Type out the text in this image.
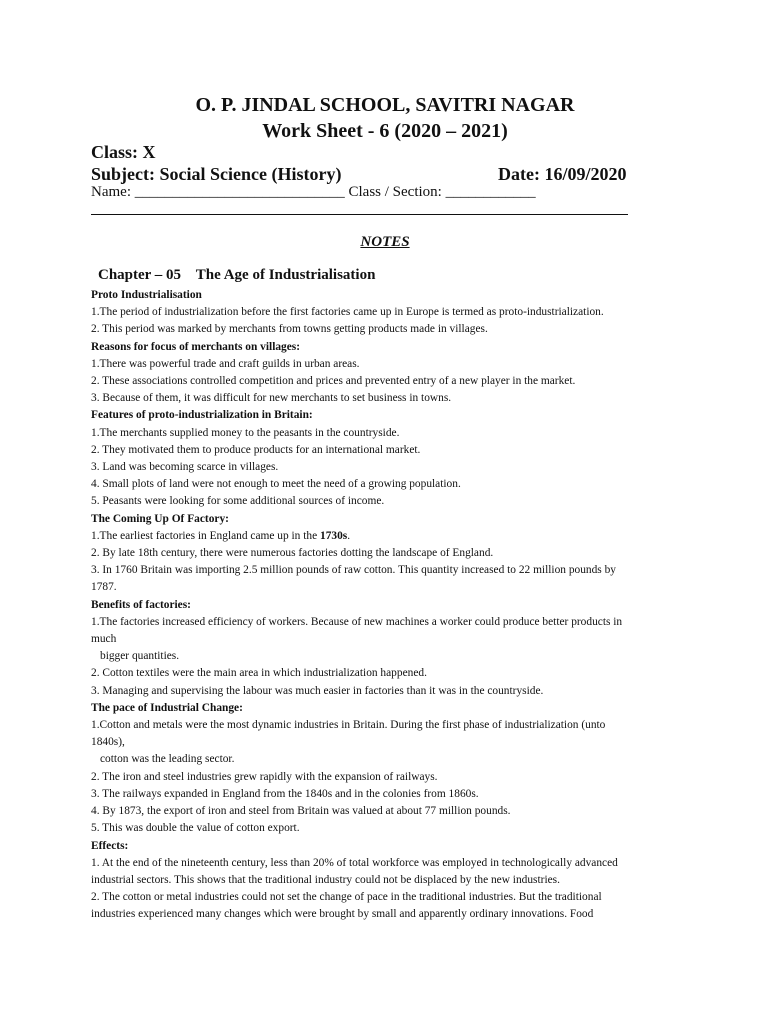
O. P. JINDAL SCHOOL, SAVITRI NAGAR
Work Sheet - 6 (2020 – 2021)
Class: X
Subject: Social Science (History)	Date: 16/09/2020
Name: ____________________________ Class / Section: ____________
NOTES
Chapter – 05 The Age of Industrialisation
Proto Industrialisation
1.The period of industrialization before the first factories came up in Europe is termed as proto-industrialization.
2. This period was marked by merchants from towns getting products made in villages.
Reasons for focus of merchants on villages:
1.There was powerful trade and craft guilds in urban areas.
2. These associations controlled competition and prices and prevented entry of a new player in the market.
3. Because of them, it was difficult for new merchants to set business in towns.
Features of proto-industrialization in Britain:
1.The merchants supplied money to the peasants in the countryside.
2. They motivated them to produce products for an international market.
3. Land was becoming scarce in villages.
4. Small plots of land were not enough to meet the need of a growing population.
5. Peasants were looking for some additional sources of income.
The Coming Up Of Factory:
1.The earliest factories in England came up in the 1730s.
2. By late 18th century, there were numerous factories dotting the landscape of England.
3. In 1760 Britain was importing 2.5 million pounds of raw cotton. This quantity increased to 22 million pounds by
1787.
Benefits of factories:
1.The factories increased efficiency of workers. Because of new machines a worker could produce better products in
much
bigger quantities.
2. Cotton textiles were the main area in which industrialization happened.
3. Managing and supervising the labour was much easier in factories than it was in the countryside.
The pace of Industrial Change:
1.Cotton and metals were the most dynamic industries in Britain. During the first phase of industrialization (unto
1840s),
cotton was the leading sector.
2. The iron and steel industries grew rapidly with the expansion of railways.
3. The railways expanded in England from the 1840s and in the colonies from 1860s.
4. By 1873, the export of iron and steel from Britain was valued at about 77 million pounds.
5. This was double the value of cotton export.
Effects:
1. At the end of the nineteenth century, less than 20% of total workforce was employed in technologically advanced
industrial sectors. This shows that the traditional industry could not be displaced by the new industries.
2. The cotton or metal industries could not set the change of pace in the traditional industries. But the traditional
industries experienced many changes which were brought by small and apparently ordinary innovations. Food
